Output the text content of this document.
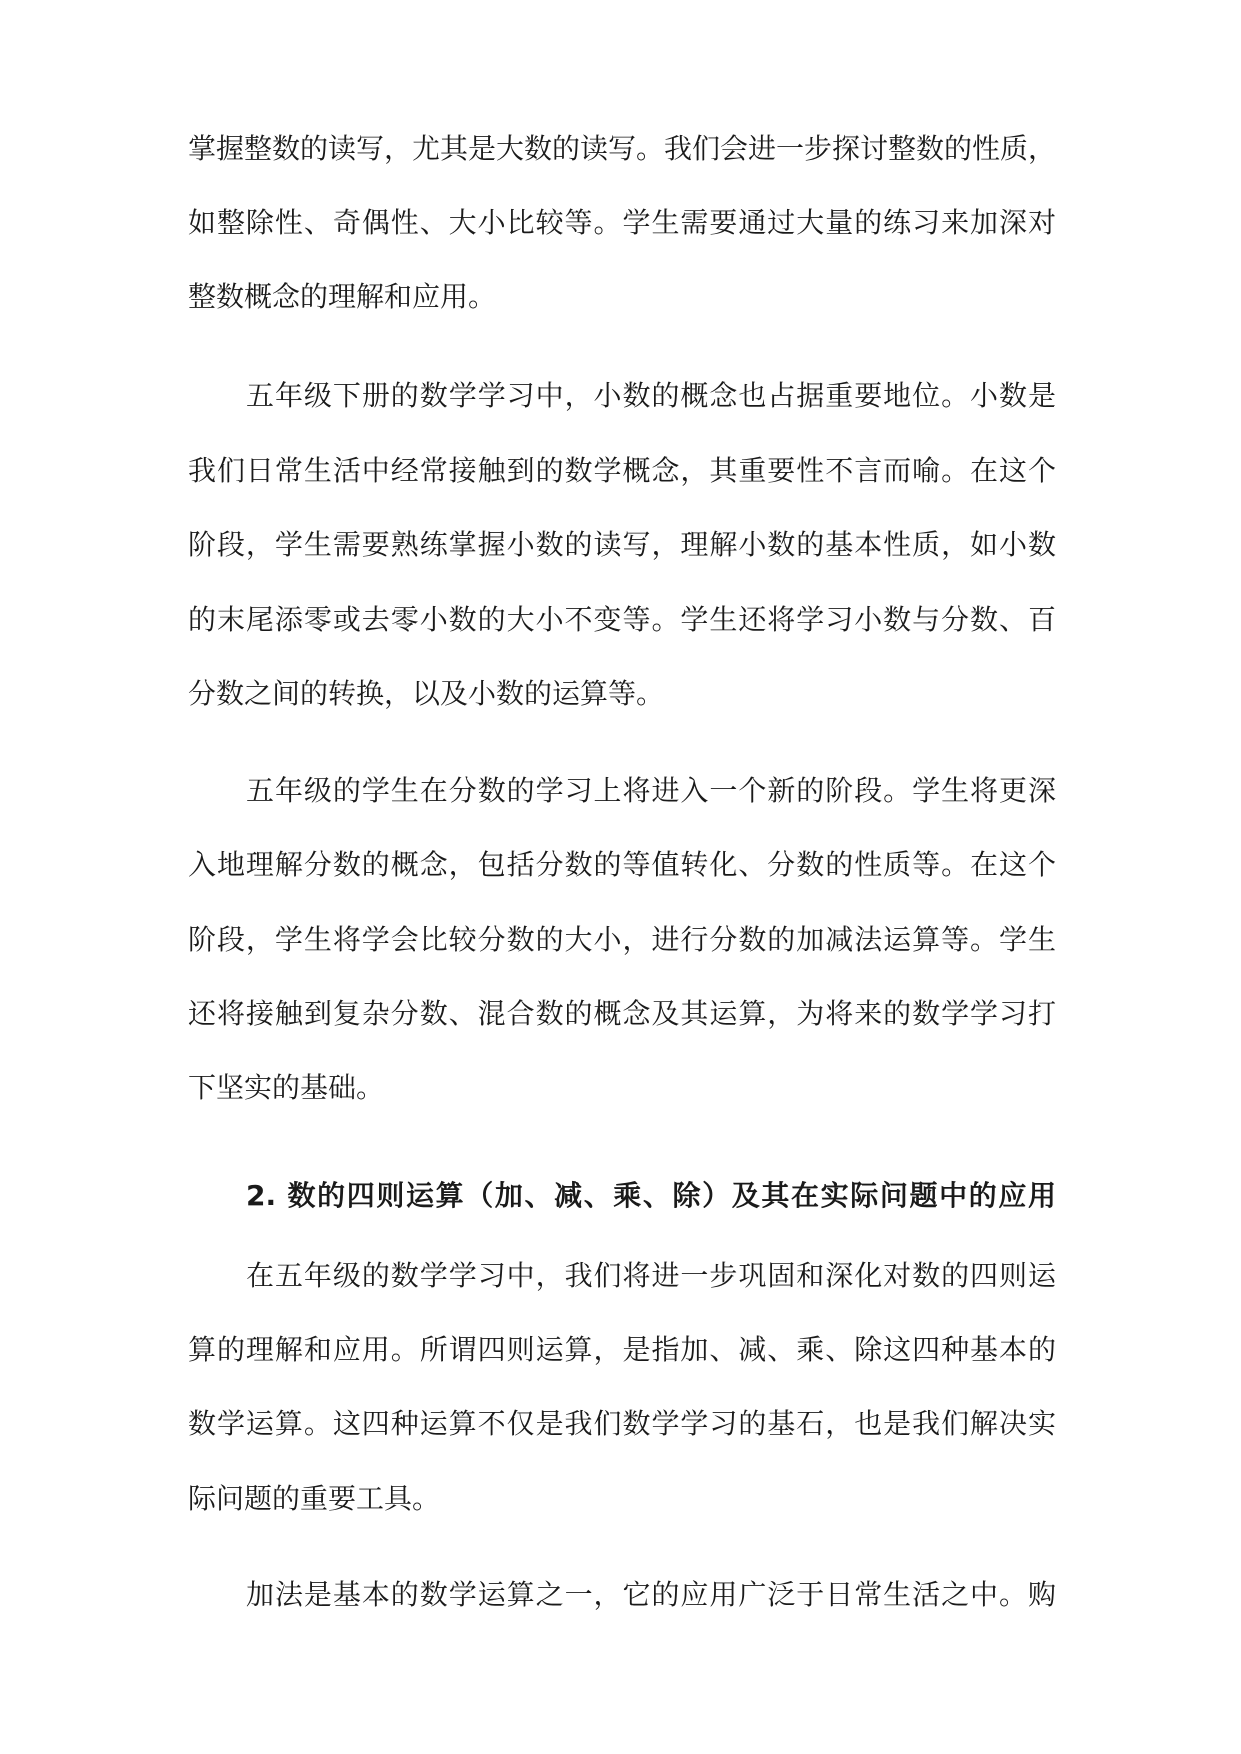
掌握整数的读写，尤其是大数的读写。我们会进一步探讨整数的性质，
如整除性、奇偶性、大小比较等。学生需要通过大量的练习来加深对
整数概念的理解和应用。
五年级下册的数学学习中，小数的概念也占据重要地位。小数是
我们日常生活中经常接触到的数学概念，其重要性不言而喻。在这个
阶段，学生需要熟练掌握小数的读写，理解小数的基本性质，如小数
的末尾添零或去零小数的大小不变等。学生还将学习小数与分数、百
分数之间的转换，以及小数的运算等。
五年级的学生在分数的学习上将进入一个新的阶段。学生将更深
入地理解分数的概念，包括分数的等值转化、分数的性质等。在这个
阶段，学生将学会比较分数的大小，进行分数的加减法运算等。学生
还将接触到复杂分数、混合数的概念及其运算，为将来的数学学习打
下坚实的基础。
2. 数的四则运算（加、减、乘、除）及其在实际问题中的应用
在五年级的数学学习中，我们将进一步巩固和深化对数的四则运
算的理解和应用。所谓四则运算，是指加、减、乘、除这四种基本的
数学运算。这四种运算不仅是我们数学学习的基石，也是我们解决实
际问题的重要工具。
加法是基本的数学运算之一，它的应用广泛于日常生活之中。购
